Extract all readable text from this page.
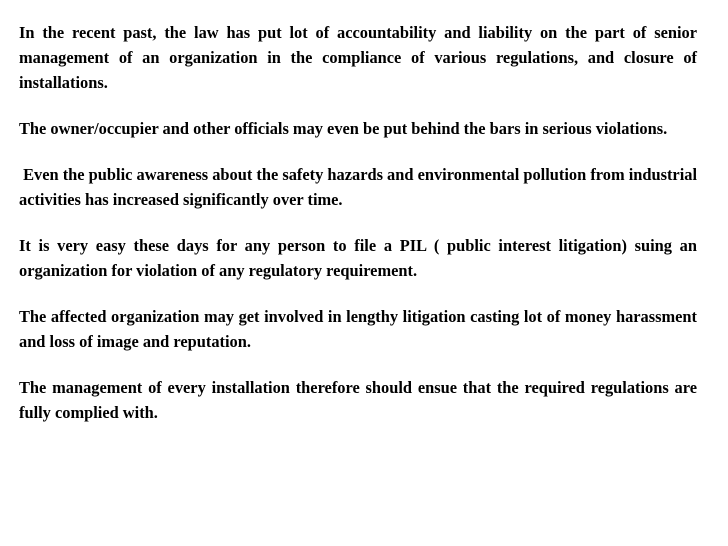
In the recent past, the law has put lot of accountability and liability on the part of senior management of an organization in the compliance of various regulations, and closure of installations.

The owner/occupier and other officials may even be put behind the bars in serious violations.

Even the public awareness about the safety hazards and environmental pollution from industrial activities has increased significantly over time.

It is very easy these days for any person to file a PIL ( public interest litigation) suing an organization for violation of any regulatory requirement.

The affected organization may get involved in lengthy litigation casting lot of money harassment and loss of image and reputation.

The management of every installation therefore should ensue that the required regulations are fully complied with.
